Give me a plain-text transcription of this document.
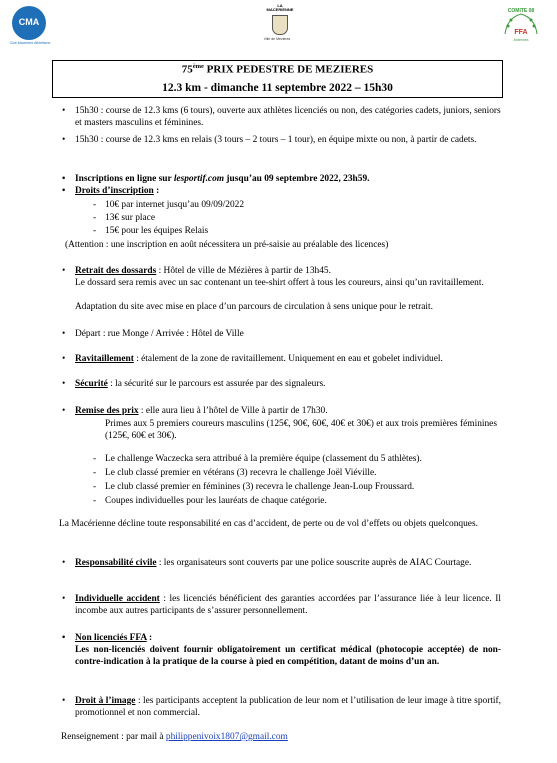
CMA
Club Maceriere Athletisme
LA MACERIENNE
Ville de Mézières
COMITE 08
FFA
Ardennes
75ème PRIX PEDESTRE DE MEZIERES
12.3 km - dimanche 11 septembre 2022 – 15h30
• 15h30 : course de 12.3 kms (6 tours), ouverte aux athlètes licenciés ou non, des catégories cadets, juniors, seniors et masters masculins et féminines.
• 15h30 : course de 12.3 kms en relais (3 tours – 2 tours – 1 tour), en équipe mixte ou non, à partir de cadets.
• Inscriptions en ligne sur lesportif.com jusqu’au 09 septembre 2022, 23h59.
• Droits d’inscription :
- 10€ par internet jusqu’au 09/09/2022
- 13€ sur place
- 15€ pour les équipes Relais
(Attention : une inscription en août nécessitera un pré-saisie au préalable des licences)
• Retrait des dossards : Hôtel de ville de Mézières à partir de 13h45.
Le dossard sera remis avec un sac contenant un tee-shirt offert à tous les coureurs, ainsi qu’un ravitaillement.
Adaptation du site avec mise en place d’un parcours de circulation à sens unique pour le retrait.
• Départ : rue Monge / Arrivée : Hôtel de Ville
• Ravitaillement : étalement de la zone de ravitaillement. Uniquement en eau et gobelet individuel.
• Sécurité : la sécurité sur le parcours est assurée par des signaleurs.
• Remise des prix : elle aura lieu à l’hôtel de Ville à partir de 17h30.
Primes aux 5 premiers coureurs masculins (125€, 90€, 60€, 40€ et 30€) et aux trois premières féminines (125€, 60€ et 30€).
- Le challenge Waczecka sera attribué à la première équipe (classement du 5 athlètes).
- Le club classé premier en vétérans (3) recevra le challenge Joël Viéville.
- Le club classé premier en féminines (3) recevra le challenge Jean-Loup Froussard.
- Coupes individuelles pour les lauréats de chaque catégorie.
La Macérienne décline toute responsabilité en cas d’accident, de perte ou de vol d’effets ou objets quelconques.
• Responsabilité civile : les organisateurs sont couverts par une police souscrite auprès de AIAC Courtage.
• Individuelle accident : les licenciés bénéficient des garanties accordées par l’assurance liée à leur licence. Il incombe aux autres participants de s’assurer personnellement.
• Non licenciés FFA :
Les non-licenciés doivent fournir obligatoirement un certificat médical (photocopie acceptée) de non-contre-indication à la pratique de la course à pied en compétition, datant de moins d’un an.
• Droit à l’image : les participants acceptent la publication de leur nom et l’utilisation de leur image à titre sportif, promotionnel et non commercial.
Renseignement : par mail à philippenivoix1807@gmail.com
